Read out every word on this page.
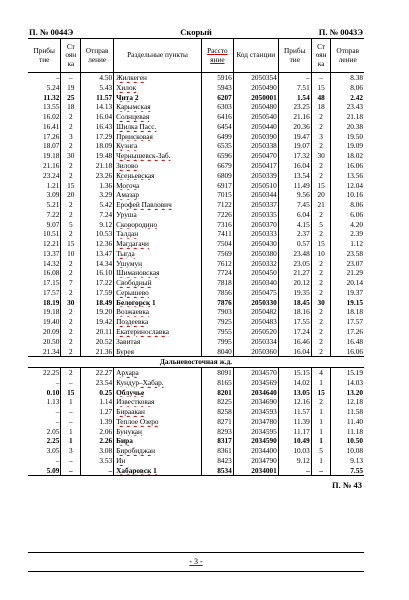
П. № 0044Э	Скорый	П. № 0043Э
Прибы тие	Ст оян ка	Отправ ление	Раздельные пункты	Рассто яние	Код станции	Прибы тие	Ст оян ка	Отправ ление
–	–	4.50	Жилкеген	5916	2050354	–	–	8.38
5.24	19	5.43	Хилок	5943	2050490	7.51	15	8.06
11.32	25	11.57	Чита 2	6207	2050001	1.54	48	2.42
13.55	18	14.13	Карымская	6303	2050480	23.25	18	23.43
16.02	2	16.04	Солнцевая	6416	2050540	21.16	2	21.18
16.41	2	16.43	Шилка Пасс.	6454	2050440	20.36	2	20.38
17.26	3	17.29	Приисковая	6499	2050390	19.47	3	19.50
18.07	2	18.09	Куэнга	6535	2050338	19.07	2	19.09
19.18	30	19.48	Чернышевск-Заб.	6596	2050470	17.32	30	18.02
21.16	2	21.18	Зилово	6679	2050417	16.04	2	16.06
23.24	2	23.26	Ксеньевская	6809	2050339	13.54	2	13.56
1.21	15	1.36	Могоча	6917	2050510	11.49	15	12.04
3.09	20	3.29	Амазар	7015	2050344	9.56	20	10.16
5.21	2	5.42	Ерофей Павлович	7122	2050337	7.45	21	8.06
7.22	2	7.24	Уруша	7226	2050335	6.04	2	6.06
9.07	5	9.12	Сковородино	7316	2050370	4.15	5	4.20
10.51	2	10.53	Талдан	7411	2050333	2.37	2	2.39
12.21	15	12.36	Магдагачи	7504	2050430	0.57	15	1.12
13.37	10	13.47	Тыгда	7569	2050380	23.48	10	23.58
14.32	2	14.34	Ушумун	7612	2050332	23.05	2	23.07
16.08	2	16.10	Шимановская	7724	2050450	21.27	2	21.29
17.15	7	17.22	Свободный	7818	2050340	20.12	2	20.14
17.57	2	17.59	Серышево	7856	2050475	19.35	2	19.37
18.19	30	18.49	Белогорск 1	7876	2050330	18.45	30	19.15
19.18	2	19.20	Возжаевка	7903	2050482	18.16	2	18.18
19.40	2	19.42	Поздеевка	7925	2050483	17.55	2	17.57
20.09	2	20.11	Екатеринославка	7955	2050520	17.24	2	17.26
20.50	2	20.52	Завитая	7995	2050334	16.46	2	16.48
21.34	2	21.36	Бурея	8040	2050360	16.04	2	16.06
Дальневосточная ж.д.								
22.25	2	22.27	Архара	8091	2034570	15.15	4	15.19
–	–	23.54	Кундур–Хабар.	8165	2034569	14.02	1	14.03
0.10	15	0.25	Облучье	8201	2034640	13.05	15	13.20
1.13	1	1.14	Известковая	8225	2034690	12.16	2	12.18
–	–	1.27	Бираакан	8258	2034593	11.57	1	11.58
–	–	1.39	Теплое Озеро	8271	2034780	11.39	1	11.40
2.05	1	2.06	Бунукан	8293	2034595	11.17	1	11.18
2.25	1	2.26	Бира	8317	2034590	10.49	1	10.50
3.05	3	3.08	Биробиджан	8361	2034400	10.03	5	10.08
–	–	3.53	Ин	8423	2034790	9.12	1	9.13
5.09	–	–	Хабаровск 1	8534	2034001	–	–	7.55
П. № 43
- 3 -
